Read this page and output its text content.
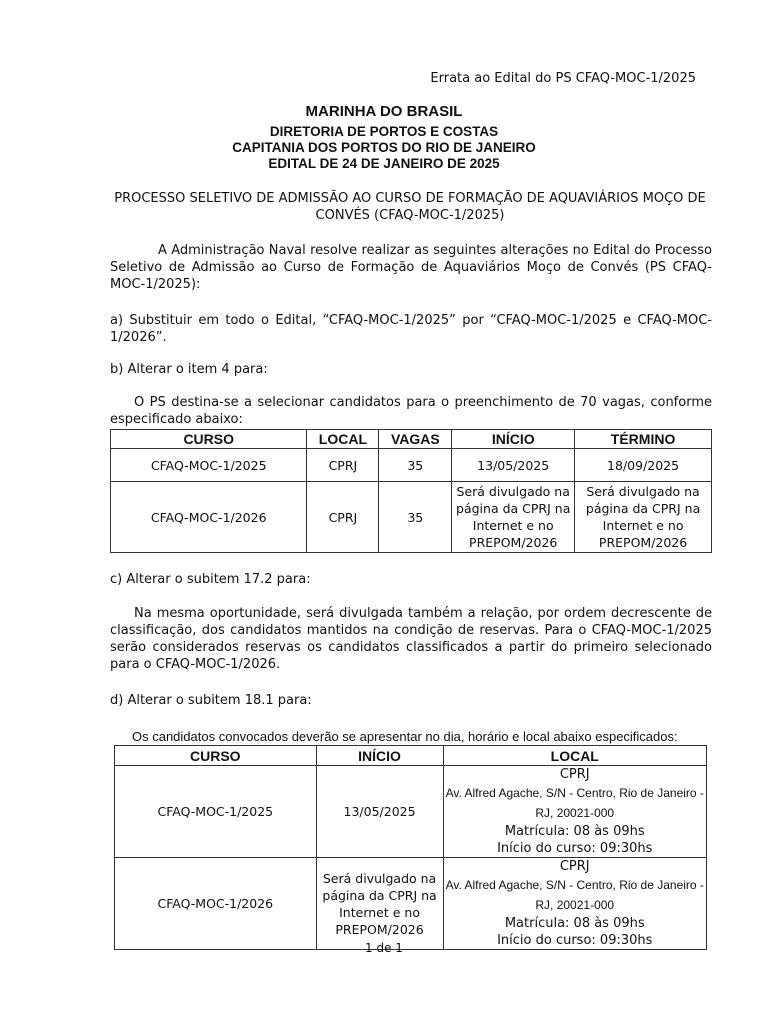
Errata ao Edital do PS CFAQ-MOC-1/2025

MARINHA DO BRASIL

DIRETORIA DE PORTOS E COSTAS

CAPITANIA DOS PORTOS DO RIO DE JANEIRO

EDITAL DE 24 DE JANEIRO DE 2025

PROCESSO SELETIVO DE ADMISSÃO AO CURSO DE FORMAÇÃO DE AQUAVIÁRIOS MOÇO DE CONVÉS (CFAQ-MOC-1/2025)

A Administração Naval resolve realizar as seguintes alterações no Edital do Processo Seletivo de Admissão ao Curso de Formação de Aquaviários Moço de Convés (PS CFAQ-MOC-1/2025):

a) Substituir em todo o Edital, “CFAQ-MOC-1/2025” por “CFAQ-MOC-1/2025 e CFAQ-MOC-1/2026”.

b) Alterar o item 4 para:

O PS destina-se a selecionar candidatos para o preenchimento de 70 vagas, conforme especificado abaixo:

CURSO	LOCAL	VAGAS	INÍCIO	TÉRMINO
CFAQ-MOC-1/2025	CPRJ	35	13/05/2025	18/09/2025
CFAQ-MOC-1/2026	CPRJ	35	Será divulgado na página da CPRJ na Internet e no PREPOM/2026	Será divulgado na página da CPRJ na Internet e no PREPOM/2026

c) Alterar o subitem 17.2 para:

Na mesma oportunidade, será divulgada também a relação, por ordem decrescente de classificação, dos candidatos mantidos na condição de reservas. Para o CFAQ-MOC-1/2025 serão considerados reservas os candidatos classificados a partir do primeiro selecionado para o CFAQ-MOC-1/2026.

d) Alterar o subitem 18.1 para:

Os candidatos convocados deverão se apresentar no dia, horário e local abaixo especificados:

CURSO	INÍCIO	LOCAL
CFAQ-MOC-1/2025	13/05/2025	CPRJ
Av. Alfred Agache, S/N - Centro, Rio de Janeiro - RJ, 20021-000
Matrícula: 08 às 09hs
Início do curso: 09:30hs

CFAQ-MOC-1/2026	Será divulgado na página da CPRJ na Internet e no PREPOM/2026	CPRJ
Av. Alfred Agache, S/N - Centro, Rio de Janeiro - RJ, 20021-000
Matrícula: 08 às 09hs
Início do curso: 09:30hs

1 de 1
